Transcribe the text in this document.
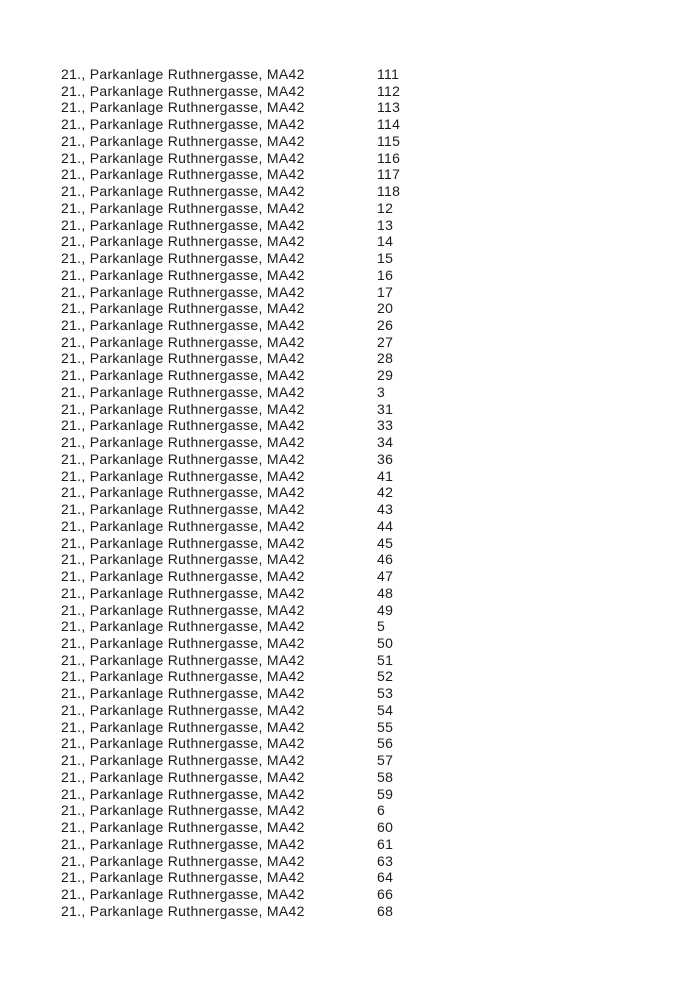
21., Parkanlage Ruthnergasse, MA42	111
21., Parkanlage Ruthnergasse, MA42	112
21., Parkanlage Ruthnergasse, MA42	113
21., Parkanlage Ruthnergasse, MA42	114
21., Parkanlage Ruthnergasse, MA42	115
21., Parkanlage Ruthnergasse, MA42	116
21., Parkanlage Ruthnergasse, MA42	117
21., Parkanlage Ruthnergasse, MA42	118
21., Parkanlage Ruthnergasse, MA42	12
21., Parkanlage Ruthnergasse, MA42	13
21., Parkanlage Ruthnergasse, MA42	14
21., Parkanlage Ruthnergasse, MA42	15
21., Parkanlage Ruthnergasse, MA42	16
21., Parkanlage Ruthnergasse, MA42	17
21., Parkanlage Ruthnergasse, MA42	20
21., Parkanlage Ruthnergasse, MA42	26
21., Parkanlage Ruthnergasse, MA42	27
21., Parkanlage Ruthnergasse, MA42	28
21., Parkanlage Ruthnergasse, MA42	29
21., Parkanlage Ruthnergasse, MA42	3
21., Parkanlage Ruthnergasse, MA42	31
21., Parkanlage Ruthnergasse, MA42	33
21., Parkanlage Ruthnergasse, MA42	34
21., Parkanlage Ruthnergasse, MA42	36
21., Parkanlage Ruthnergasse, MA42	41
21., Parkanlage Ruthnergasse, MA42	42
21., Parkanlage Ruthnergasse, MA42	43
21., Parkanlage Ruthnergasse, MA42	44
21., Parkanlage Ruthnergasse, MA42	45
21., Parkanlage Ruthnergasse, MA42	46
21., Parkanlage Ruthnergasse, MA42	47
21., Parkanlage Ruthnergasse, MA42	48
21., Parkanlage Ruthnergasse, MA42	49
21., Parkanlage Ruthnergasse, MA42	5
21., Parkanlage Ruthnergasse, MA42	50
21., Parkanlage Ruthnergasse, MA42	51
21., Parkanlage Ruthnergasse, MA42	52
21., Parkanlage Ruthnergasse, MA42	53
21., Parkanlage Ruthnergasse, MA42	54
21., Parkanlage Ruthnergasse, MA42	55
21., Parkanlage Ruthnergasse, MA42	56
21., Parkanlage Ruthnergasse, MA42	57
21., Parkanlage Ruthnergasse, MA42	58
21., Parkanlage Ruthnergasse, MA42	59
21., Parkanlage Ruthnergasse, MA42	6
21., Parkanlage Ruthnergasse, MA42	60
21., Parkanlage Ruthnergasse, MA42	61
21., Parkanlage Ruthnergasse, MA42	63
21., Parkanlage Ruthnergasse, MA42	64
21., Parkanlage Ruthnergasse, MA42	66
21., Parkanlage Ruthnergasse, MA42	68
